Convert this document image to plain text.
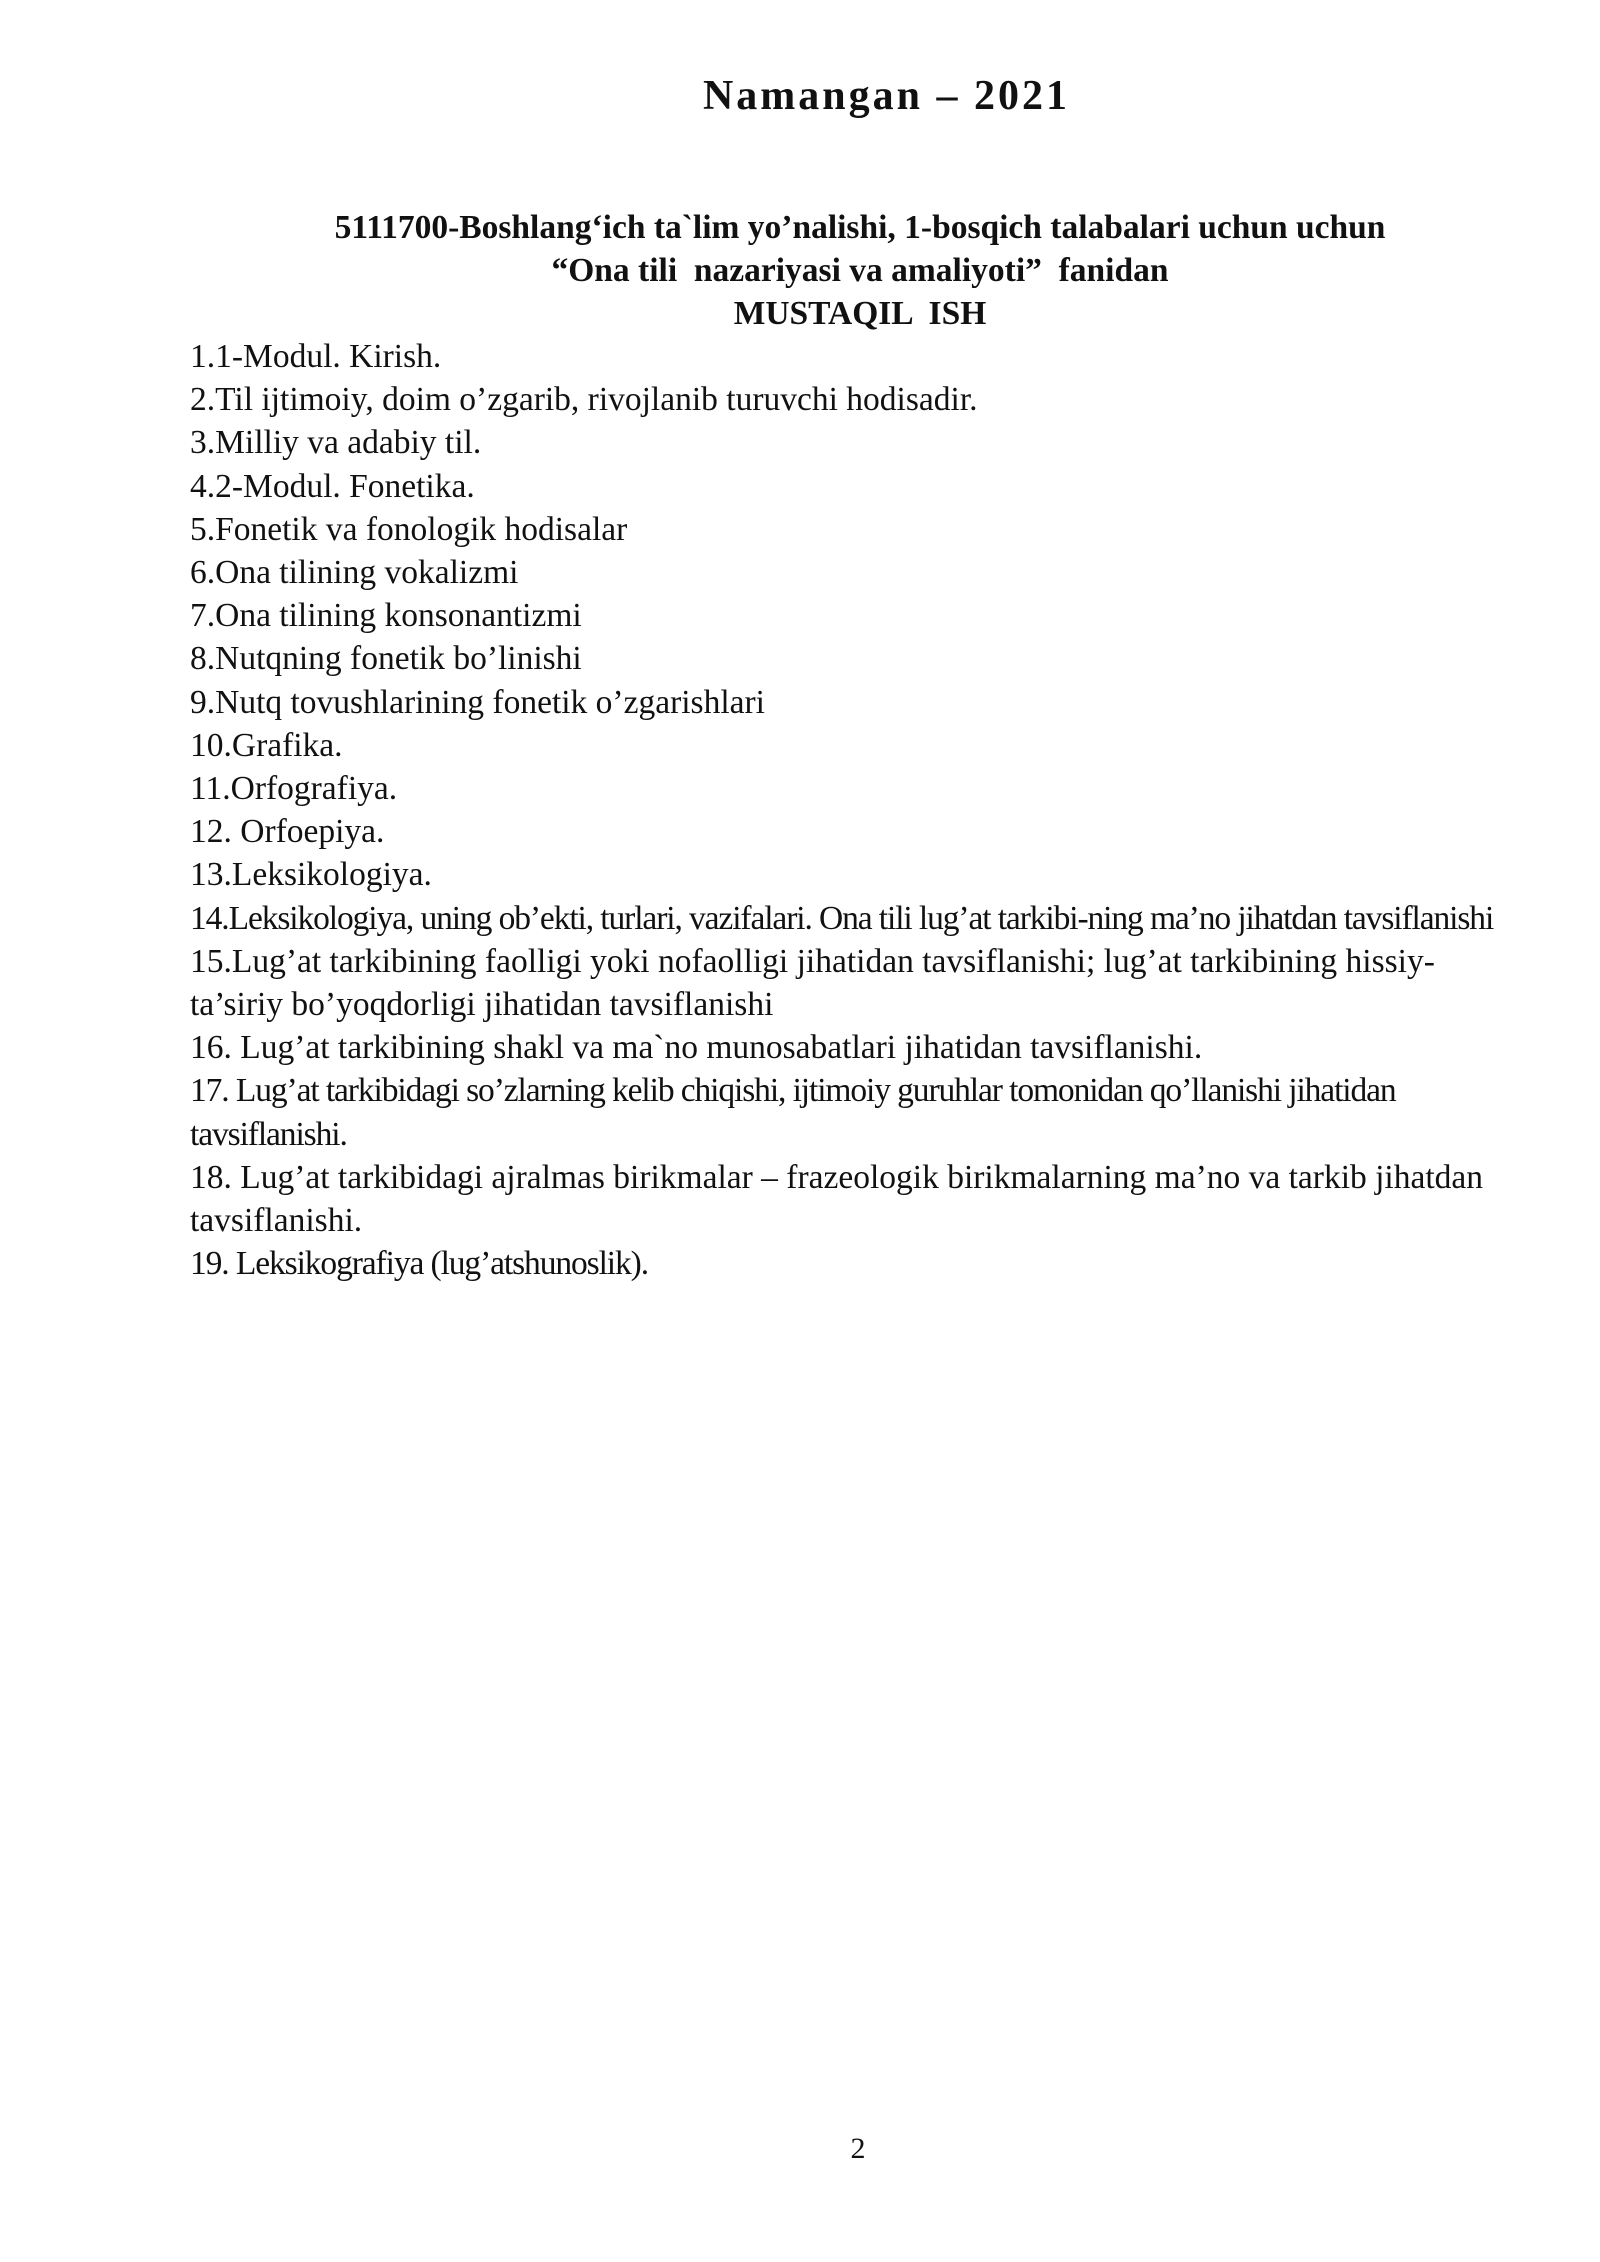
Namangan – 2021
5111700-Boshlang‘ich ta`lim yo’nalishi, 1-bosqich talabalari uchun uchun
“Ona tili  nazariyasi va amaliyoti”  fanidan
MUSTAQIL  ISH
1.1-Modul. Kirish.
2.Til ijtimoiy, doim o’zgarib, rivojlanib turuvchi hodisadir.
3.Milliy va adabiy til.
4.2-Modul. Fonetika.
5.Fonetik va fonologik hodisalar
6.Ona tilining vokalizmi
7.Ona tilining konsonantizmi
8.Nutqning fonetik bo’linishi
9.Nutq tovushlarining fonetik o’zgarishlari
10.Grafika.
11.Orfografiya.
12. Orfoepiya.
13.Leksikologiya.
14.Leksikologiya, uning ob’ekti, turlari, vazifalari. Ona tili lug’at tarkibi-ning ma’no jihatdan tavsiflanishi
15.Lug’at tarkibining faolligi yoki nofaolligi jihatidan tavsiflanishi; lug’at tarkibining hissiy-ta’siriy bo’yoqdorligi jihatidan tavsiflanishi
16. Lug’at tarkibining shakl va ma`no munosabatlari jihatidan tavsiflanishi.
17. Lug’at tarkibidagi so’zlarning kelib chiqishi, ijtimoiy guruhlar tomonidan qo’llanishi jihatidan tavsiflanishi.
18. Lug’at tarkibidagi ajralmas birikmalar – frazeologik birikmalarning ma’no va tarkib jihatdan tavsiflanishi.
19. Leksikografiya (lug’atshunoslik).
2
